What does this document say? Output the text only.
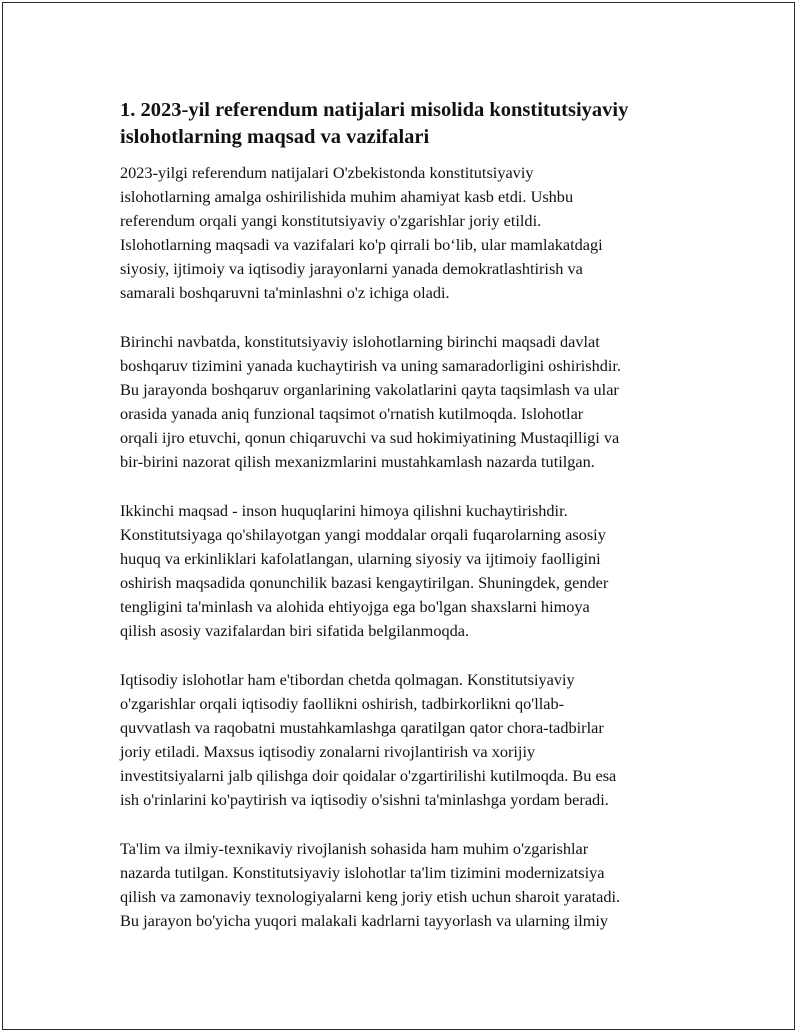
1. 2023-yil referendum natijalari misolida konstitutsiyaviy
islohotlarning maqsad va vazifalari

2023-yilgi referendum natijalari O'zbekistonda konstitutsiyaviy
islohotlarning amalga oshirilishida muhim ahamiyat kasb etdi. Ushbu
referendum orqali yangi konstitutsiyaviy o'zgarishlar joriy etildi.
Islohotlarning maqsadi va vazifalari ko'p qirrali bo‘lib, ular mamlakatdagi
siyosiy, ijtimoiy va iqtisodiy jarayonlarni yanada demokratlashtirish va
samarali boshqaruvni ta'minlashni o'z ichiga oladi.

Birinchi navbatda, konstitutsiyaviy islohotlarning birinchi maqsadi davlat
boshqaruv tizimini yanada kuchaytirish va uning samaradorligini oshirishdir.
Bu jarayonda boshqaruv organlarining vakolatlarini qayta taqsimlash va ular
orasida yanada aniq funzional taqsimot o'rnatish kutilmoqda. Islohotlar
orqali ijro etuvchi, qonun chiqaruvchi va sud hokimiyatining Mustaqilligi va
bir-birini nazorat qilish mexanizmlarini mustahkamlash nazarda tutilgan.

Ikkinchi maqsad - inson huquqlarini himoya qilishni kuchaytirishdir.
Konstitutsiyaga qo'shilayotgan yangi moddalar orqali fuqarolarning asosiy
huquq va erkinliklari kafolatlangan, ularning siyosiy va ijtimoiy faolligini
oshirish maqsadida qonunchilik bazasi kengaytirilgan. Shuningdek, gender
tengligini ta'minlash va alohida ehtiyojga ega bo'lgan shaxslarni himoya
qilish asosiy vazifalardan biri sifatida belgilanmoqda.

Iqtisodiy islohotlar ham e'tibordan chetda qolmagan. Konstitutsiyaviy
o'zgarishlar orqali iqtisodiy faollikni oshirish, tadbirkorlikni qo'llab-
quvvatlash va raqobatni mustahkamlashga qaratilgan qator chora-tadbirlar
joriy etiladi. Maxsus iqtisodiy zonalarni rivojlantirish va xorijiy
investitsiyalarni jalb qilishga doir qoidalar o'zgartirilishi kutilmoqda. Bu esa
ish o'rinlarini ko'paytirish va iqtisodiy o'sishni ta'minlashga yordam beradi.

Ta'lim va ilmiy-texnikaviy rivojlanish sohasida ham muhim o'zgarishlar
nazarda tutilgan. Konstitutsiyaviy islohotlar ta'lim tizimini modernizatsiya
qilish va zamonaviy texnologiyalarni keng joriy etish uchun sharoit yaratadi.
Bu jarayon bo'yicha yuqori malakali kadrlarni tayyorlash va ularning ilmiy
